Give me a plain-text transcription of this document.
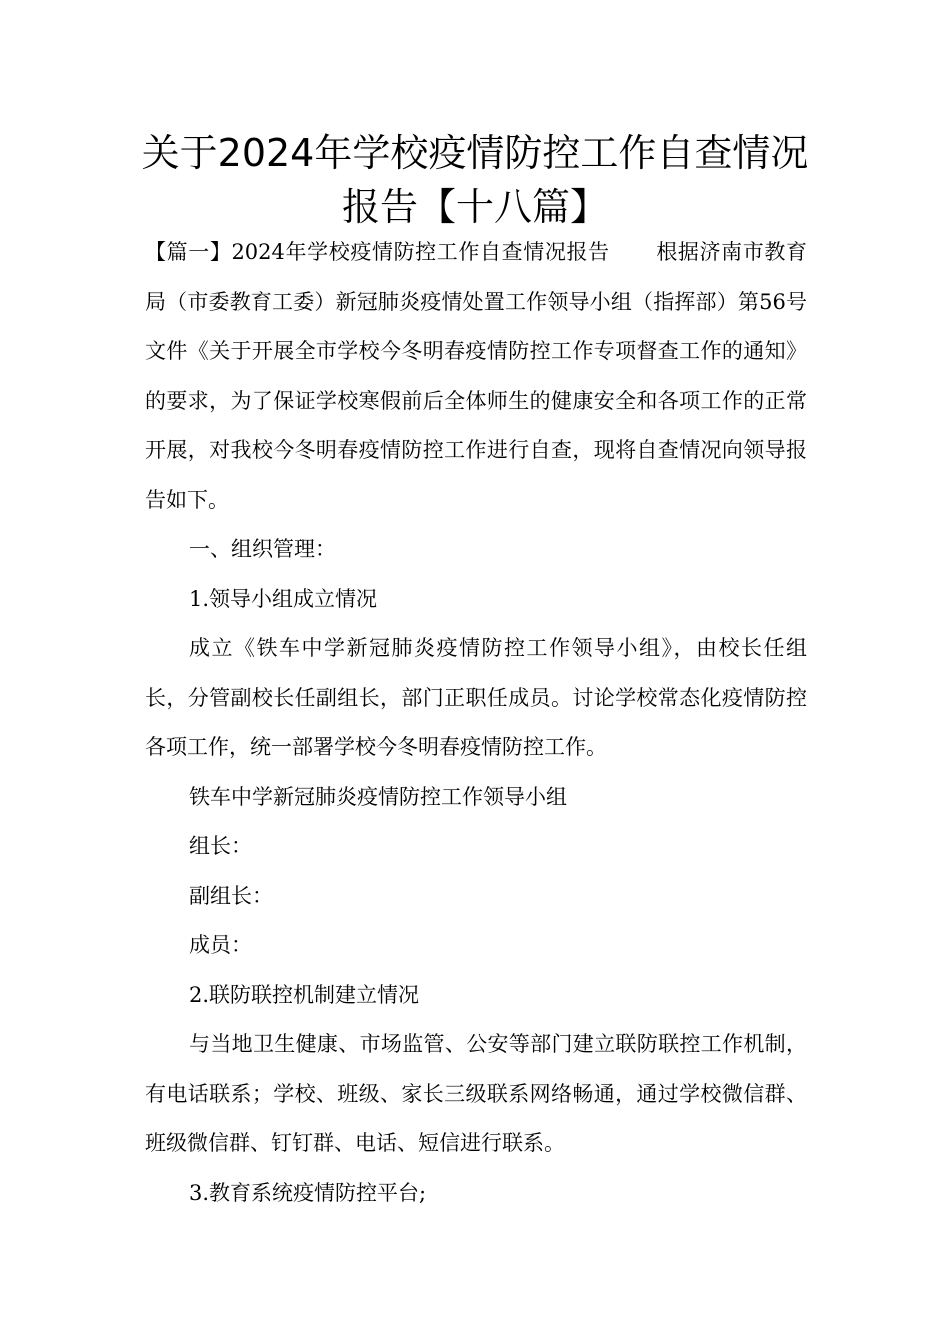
关于2024年学校疫情防控工作自查情况报告【十八篇】

【篇一】2024年学校疫情防控工作自查情况报告 根据济南市教育局（市委教育工委）新冠肺炎疫情处置工作领导小组（指挥部）第56号文件《关于开展全市学校今冬明春疫情防控工作专项督查工作的通知》的要求，为了保证学校寒假前后全体师生的健康安全和各项工作的正常开展，对我校今冬明春疫情防控工作进行自查，现将自查情况向领导报告如下。

一、组织管理：

1.领导小组成立情况

成立《铁车中学新冠肺炎疫情防控工作领导小组》，由校长任组长，分管副校长任副组长，部门正职任成员。讨论学校常态化疫情防控各项工作，统一部署学校今冬明春疫情防控工作。

铁车中学新冠肺炎疫情防控工作领导小组

组长：

副组长：

成员：

2.联防联控机制建立情况

与当地卫生健康、市场监管、公安等部门建立联防联控工作机制，有电话联系；学校、班级、家长三级联系网络畅通，通过学校微信群、班级微信群、钉钉群、电话、短信进行联系。

3.教育系统疫情防控平台;
